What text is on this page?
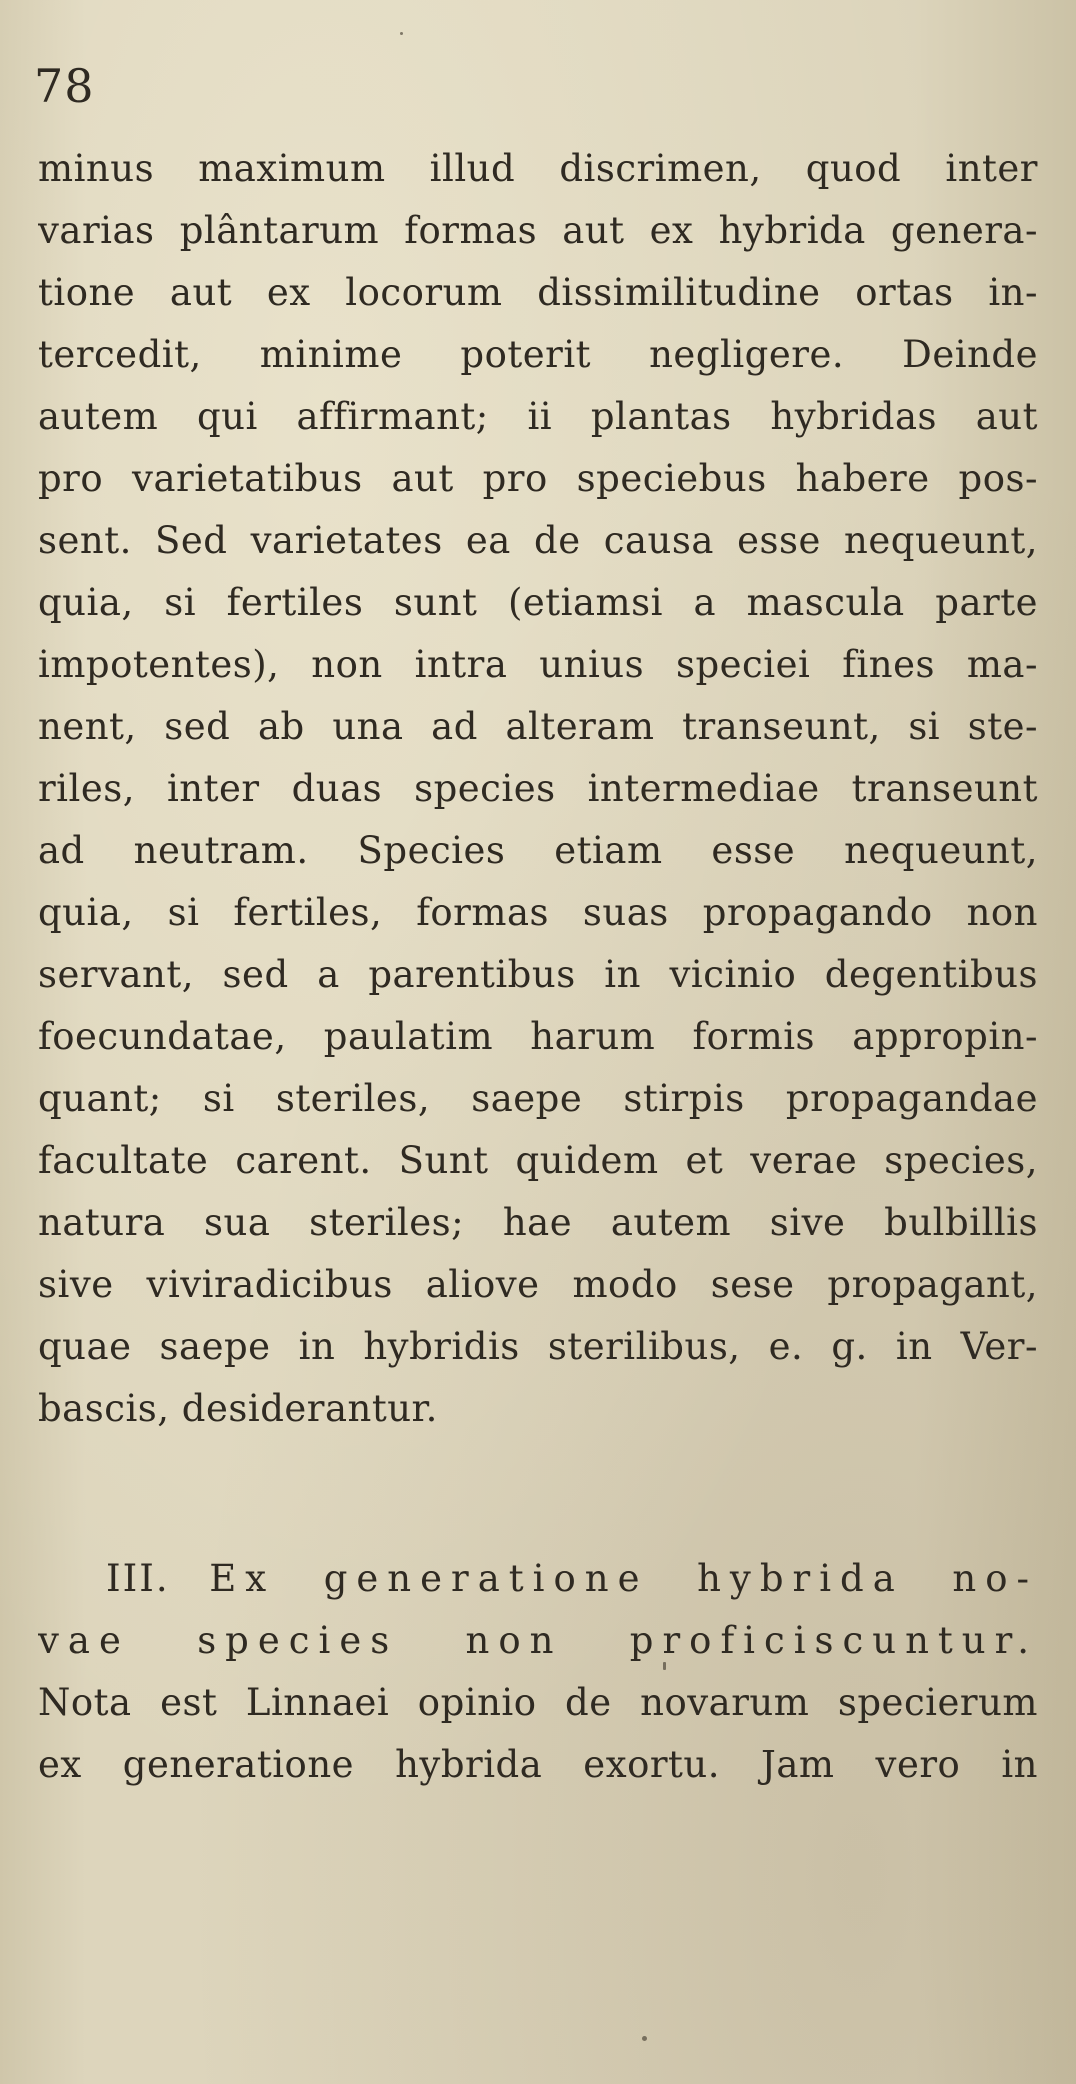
78
minus maximum illud discrimen, quod inter
varias plântarum formas aut ex hybrida genera-
tione aut ex locorum dissimilitudine ortas in-
tercedit, minime poterit negligere. Deinde
autem qui affirmant; ii plantas hybridas aut
pro varietatibus aut pro speciebus habere pos-
sent. Sed varietates ea de causa esse nequeunt,
quia, si fertiles sunt (etiamsi a mascula parte
impotentes), non intra unius speciei fines ma-
nent, sed ab una ad alteram transeunt, si ste-
riles, inter duas species intermediae transeunt
ad neutram. Species etiam esse nequeunt,
quia, si fertiles, formas suas propagando non
servant, sed a parentibus in vicinio degentibus
foecundatae, paulatim harum formis appropin-
quant; si steriles, saepe stirpis propagandae
facultate carent. Sunt quidem et verae species,
natura sua steriles; hae autem sive bulbillis
sive viviradicibus aliove modo sese propagant,
quae saepe in hybridis sterilibus, e. g. in Ver-
bascis, desiderantur.
III. Ex generatione hybrida no-
vae species non proficiscuntur.
Nota est Linnaei opinio de novarum specierum
ex generatione hybrida exortu. Jam vero in
